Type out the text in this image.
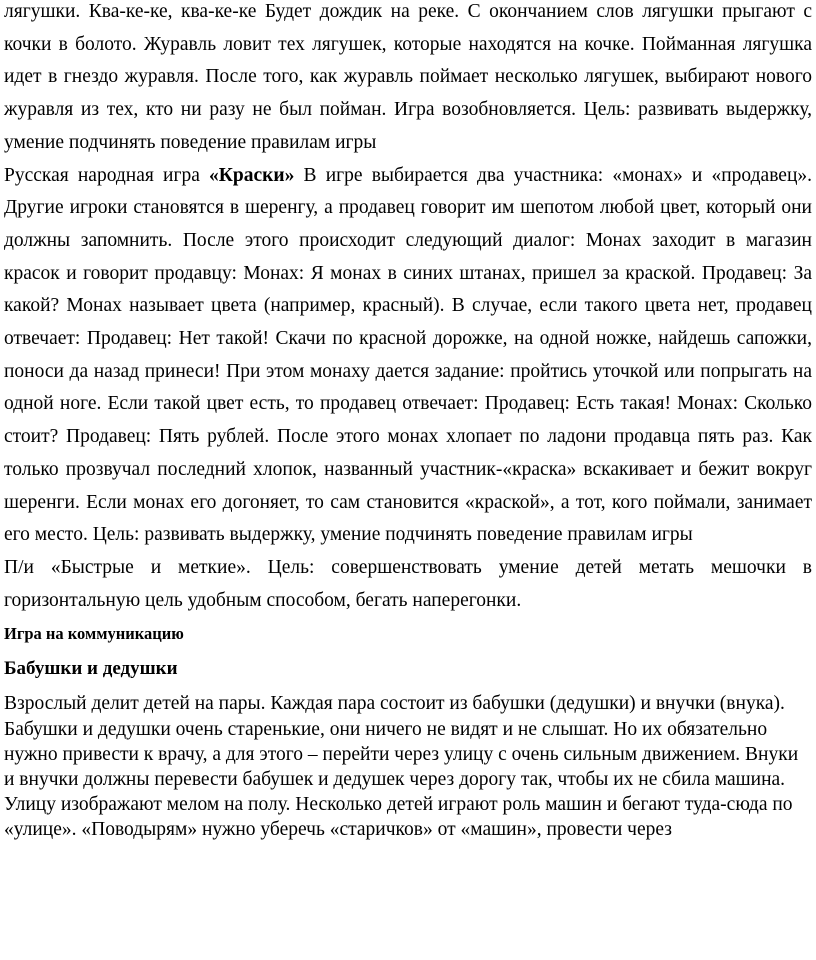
лягушки. Ква-ке-ке, ква-ке-ке Будет дождик на реке. С окончанием слов лягушки прыгают с кочки в болото. Журавль ловит тех лягушек, которые находятся на кочке. Пойманная лягушка идет в гнездо журавля. После того, как журавль поймает несколько лягушек, выбирают нового журавля из тех, кто ни разу не был пойман. Игра возобновляется. Цель: развивать выдержку, умение подчинять поведение правилам игры

Русская народная игра «Краски» В игре выбирается два участника: «монах» и «продавец». Другие игроки становятся в шеренгу, а продавец говорит им шепотом любой цвет, который они должны запомнить. После этого происходит следующий диалог: Монах заходит в магазин красок и говорит продавцу: Монах: Я монах в синих штанах, пришел за краской. Продавец: За какой? Монах называет цвета (например, красный). В случае, если такого цвета нет, продавец отвечает: Продавец: Нет такой! Скачи по красной дорожке, на одной ножке, найдешь сапожки, поноси да назад принеси! При этом монаху дается задание: пройтись уточкой или попрыгать на одной ноге. Если такой цвет есть, то продавец отвечает: Продавец: Есть такая! Монах: Сколько стоит? Продавец: Пять рублей. После этого монах хлопает по ладони продавца пять раз. Как только прозвучал последний хлопок, названный участник-«краска» вскакивает и бежит вокруг шеренги. Если монах его догоняет, то сам становится «краской», а тот, кого поймали, занимает его место. Цель: развивать выдержку, умение подчинять поведение правилам игры

П/и «Быстрые и меткие». Цель: совершенствовать умение детей метать мешочки в горизонтальную цель удобным способом, бегать наперегонки.

Игра на коммуникацию

Бабушки и дедушки

Взрослый делит детей на пары. Каждая пара состоит из бабушки (дедушки) и внучки (внука). Бабушки и дедушки очень старенькие, они ничего не видят и не слышат. Но их обязательно нужно привести к врачу, а для этого – перейти через улицу с очень сильным движением. Внуки и внучки должны перевести бабушек и дедушек через дорогу так, чтобы их не сбила машина. Улицу изображают мелом на полу. Несколько детей играют роль машин и бегают туда-сюда по «улице». «Поводырям» нужно уберечь «старичков» от «машин», провести через
